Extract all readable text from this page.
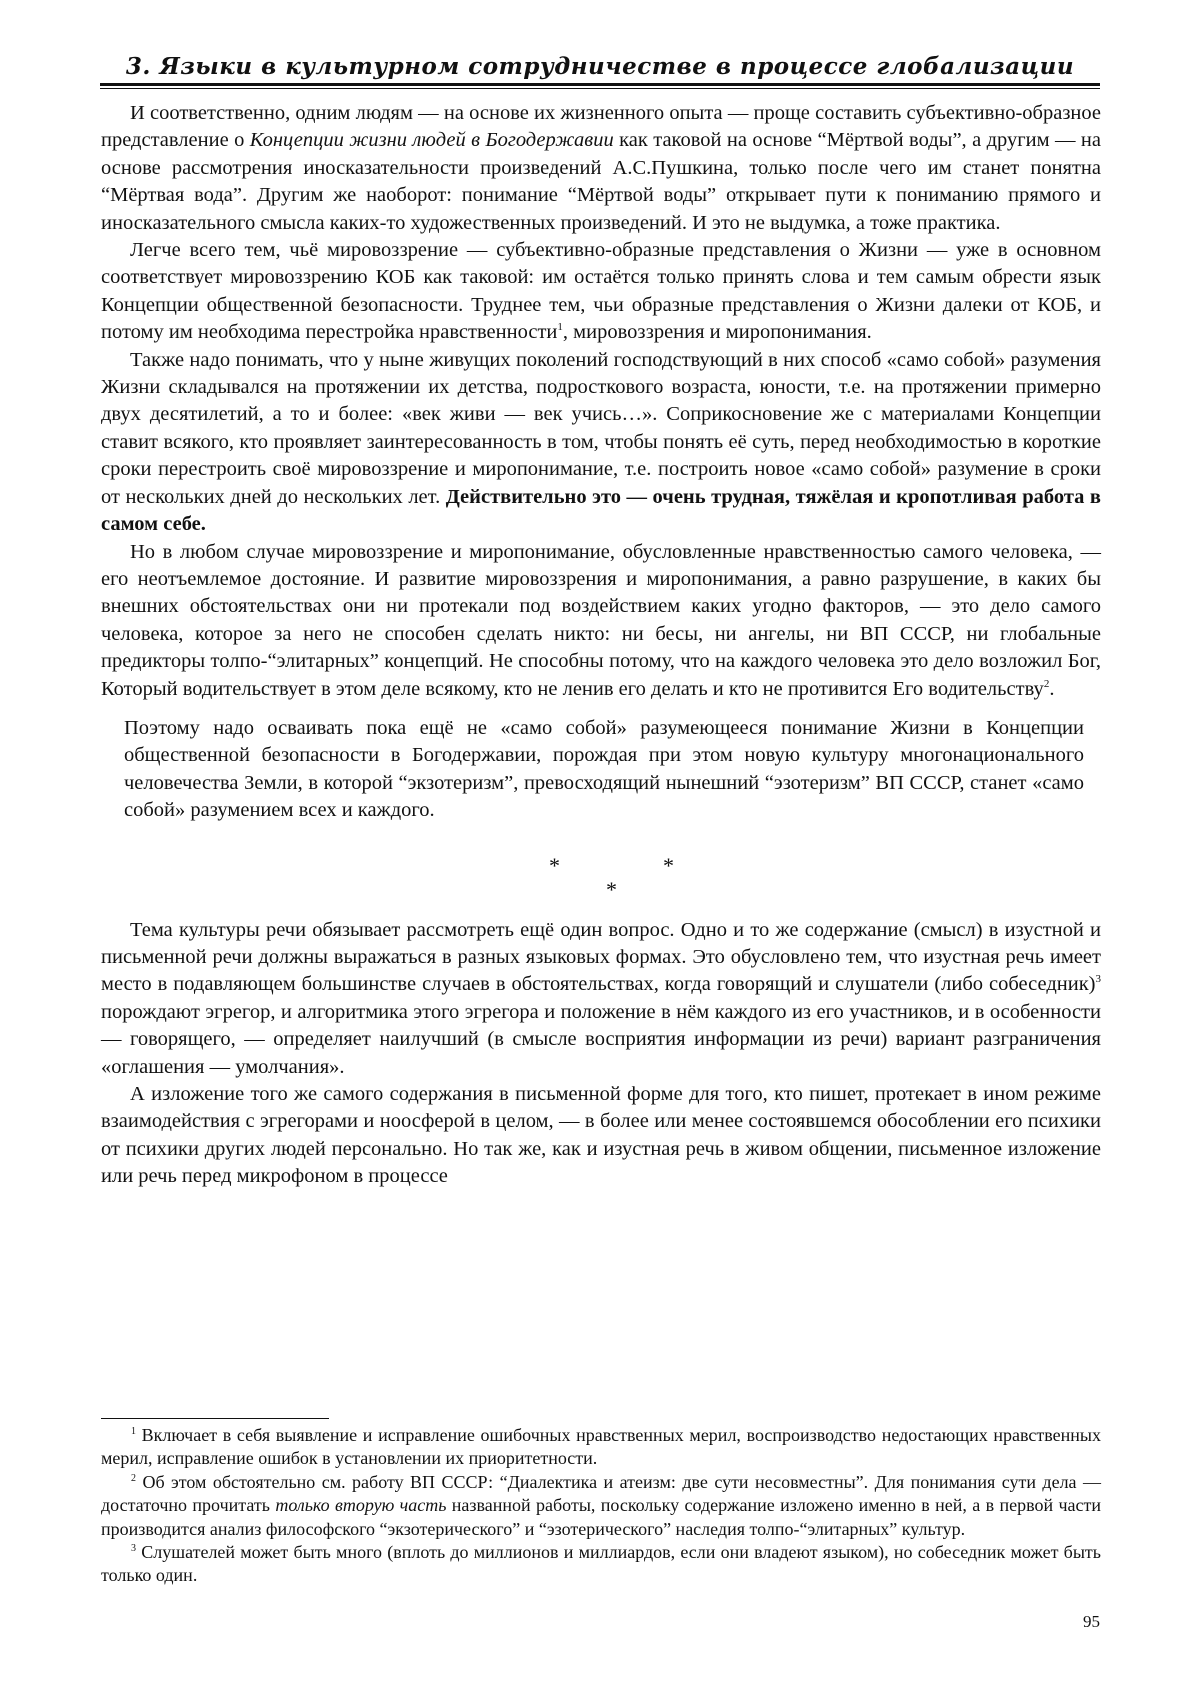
3. Языки в культурном сотрудничестве в процессе глобализации

И соответственно, одним людям — на основе их жизненного опыта — проще составить субъективно-образное представление о Концепции жизни людей в Богодержавии как таковой на основе “Мёртвой воды”, а другим — на основе рассмотрения иносказательности произведений А.С.Пушкина, только после чего им станет понятна “Мёртвая вода”. Другим же наоборот: понимание “Мёртвой воды” открывает пути к пониманию прямого и иносказательного смысла каких-то художественных произведений. И это не выдумка, а тоже практика.

Легче всего тем, чьё мировоззрение — субъективно-образные представления о Жизни — уже в основном соответствует мировоззрению КОБ как таковой: им остаётся только принять слова и тем самым обрести язык Концепции общественной безопасности. Труднее тем, чьи образные представления о Жизни далеки от КОБ, и потому им необходима перестройка нравственности$^1$, мировоззрения и миропонимания.

Также надо понимать, что у ныне живущих поколений господствующий в них способ «само собой» разумения Жизни складывался на протяжении их детства, подросткового возраста, юности, т.е. на протяжении примерно двух десятилетий, а то и более: «век живи — век учись…». Соприкосновение же с материалами Концепции ставит всякого, кто проявляет заинтересованность в том, чтобы понять её суть, перед необходимостью в короткие сроки перестроить своё мировоззрение и миропонимание, т.е. построить новое «само собой» разумение в сроки от нескольких дней до нескольких лет. Действительно это — очень трудная, тяжёлая и кропотливая работа в самом себе.

Но в любом случае мировоззрение и миропонимание, обусловленные нравственностью самого человека, — его неотъемлемое достояние. И развитие мировоззрения и миропонимания, а равно разрушение, в каких бы внешних обстоятельствах они ни протекали под воздействием каких угодно факторов, — это дело самого человека, которое за него не способен сделать никто: ни бесы, ни ангелы, ни ВП СССР, ни глобальные предикторы толпо-“элитарных” концепций. Не способны потому, что на каждого человека это дело возложил Бог, Который водительствует в этом деле всякому, кто не ленив его делать и кто не противится Его водительству$^2$.

Поэтому надо осваивать пока ещё не «само собой» разумеющееся понимание Жизни в Концепции общественной безопасности в Богодержавии, порождая при этом новую культуру многонационального человечества Земли, в которой “экзотеризм”, превосходящий нынешний “эзотеризм” ВП СССР, станет «само собой» разумением всех и каждого.

*	*
*

Тема культуры речи обязывает рассмотреть ещё один вопрос. Одно и то же содержание (смысл) в изустной и письменной речи должны выражаться в разных языковых формах. Это обусловлено тем, что изустная речь имеет место в подавляющем большинстве случаев в обстоятельствах, когда говорящий и слушатели (либо собеседник)$^3$ порождают эгрегор, и алгоритмика этого эгрегора и положение в нём каждого из его участников, и в особенности — говорящего, — определяет наилучший (в смысле восприятия информации из речи) вариант разграничения «оглашения — умолчания».

А изложение того же самого содержания в письменной форме для того, кто пишет, протекает в ином режиме взаимодействия с эгрегорами и ноосферой в целом, — в более или менее состоявшемся обособлении его психики от психики других людей персонально. Но так же, как и изустная речь в живом общении, письменное изложение или речь перед микрофоном в процессе

$^1$ Включает в себя выявление и исправление ошибочных нравственных мерил, воспроизводство недостающих нравственных мерил, исправление ошибок в установлении их приоритетности.

$^2$ Об этом обстоятельно см. работу ВП СССР: “Диалектика и атеизм: две сути несовместны”. Для понимания сути дела — достаточно прочитать только вторую часть названной работы, поскольку содержание изложено именно в ней, а в первой части производится анализ философского “экзотерического” и “эзотерического” наследия толпо-“элитарных” культур.

$^3$ Слушателей может быть много (вплоть до миллионов и миллиардов, если они владеют языком), но собеседник может быть только один.

95
